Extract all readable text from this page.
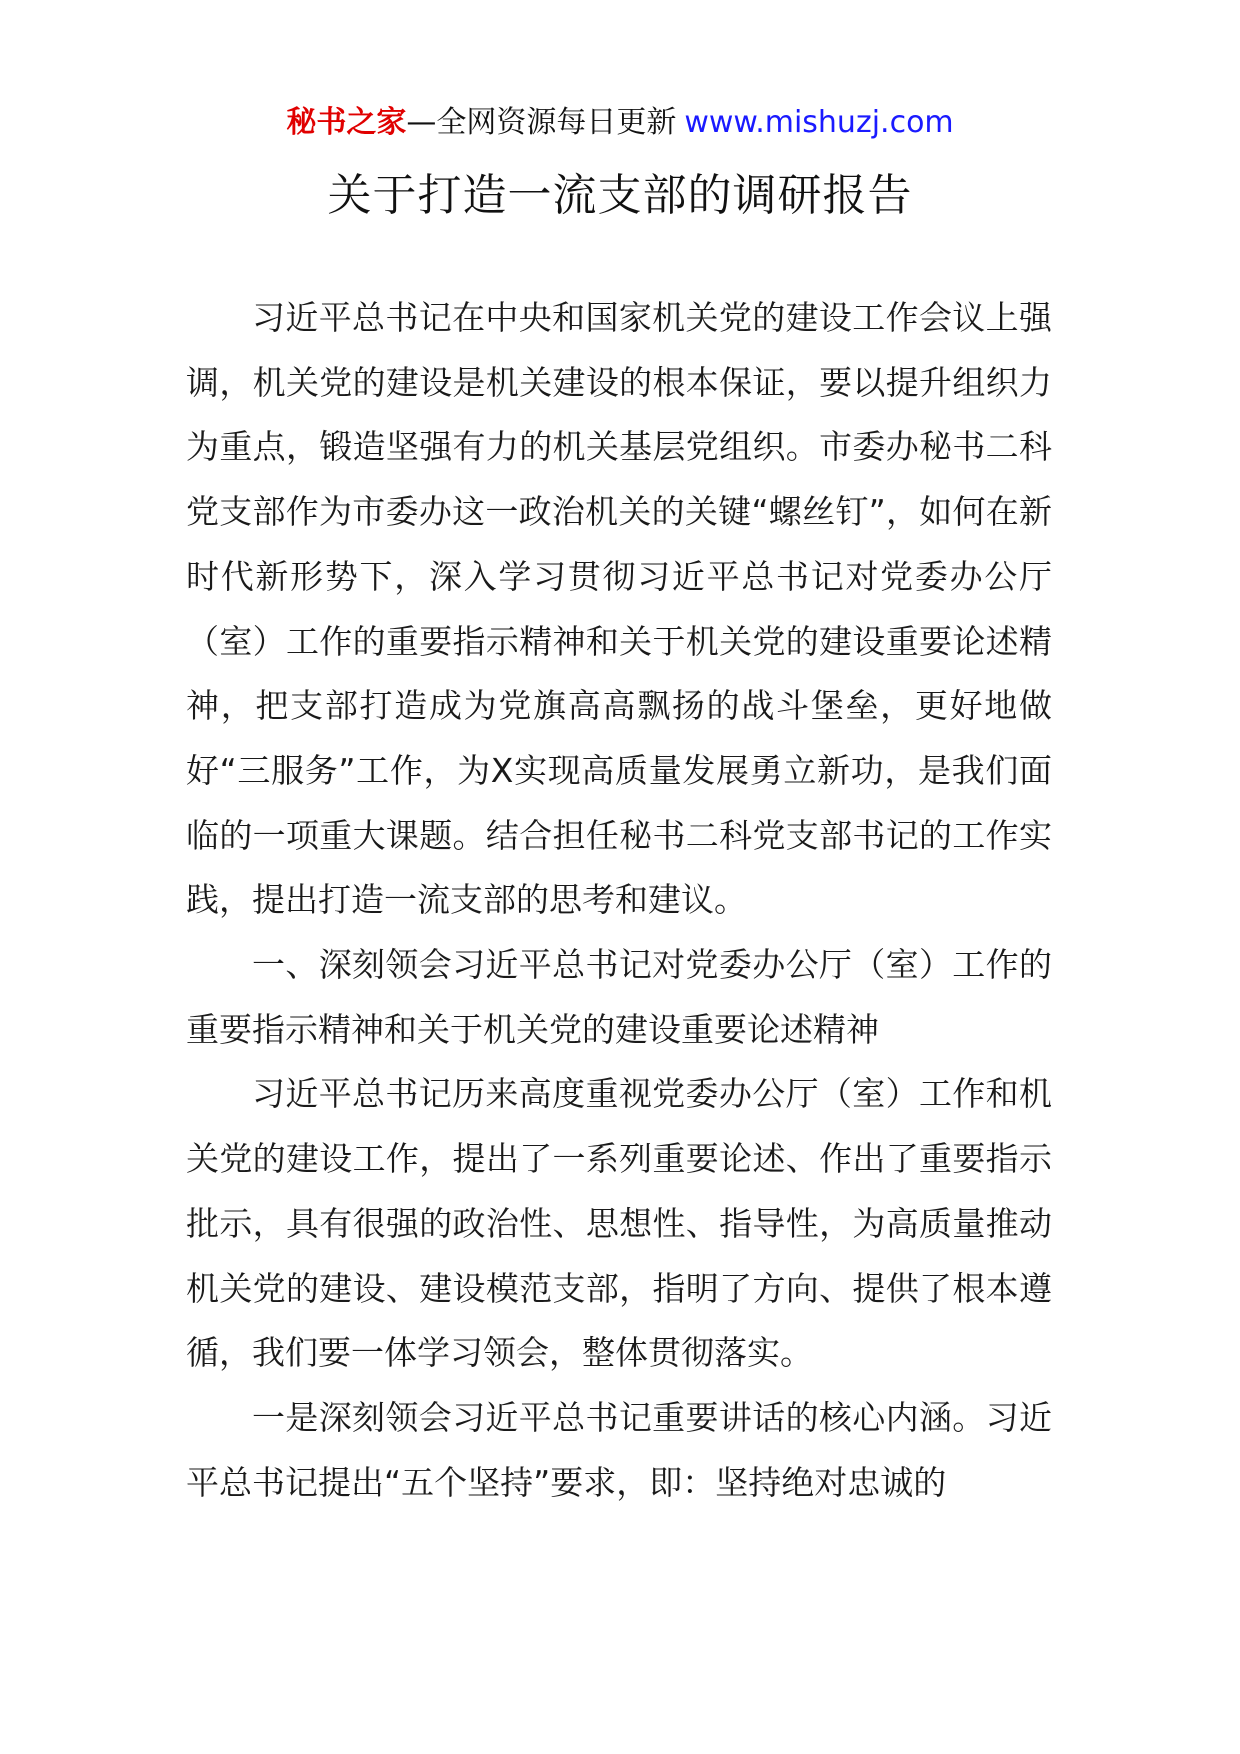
秘书之家—全网资源每日更新 www.mishuzj.com
关于打造一流支部的调研报告

习近平总书记在中央和国家机关党的建设工作会议上强调，机关党的建设是机关建设的根本保证，要以提升组织力为重点，锻造坚强有力的机关基层党组织。市委办秘书二科党支部作为市委办这一政治机关的关键“螺丝钉”，如何在新时代新形势下，深入学习贯彻习近平总书记对党委办公厅（室）工作的重要指示精神和关于机关党的建设重要论述精神，把支部打造成为党旗高高飘扬的战斗堡垒，更好地做好“三服务”工作，为X实现高质量发展勇立新功，是我们面临的一项重大课题。结合担任秘书二科党支部书记的工作实践，提出打造一流支部的思考和建议。

一、深刻领会习近平总书记对党委办公厅（室）工作的重要指示精神和关于机关党的建设重要论述精神

习近平总书记历来高度重视党委办公厅（室）工作和机关党的建设工作，提出了一系列重要论述、作出了重要指示批示，具有很强的政治性、思想性、指导性，为高质量推动机关党的建设、建设模范支部，指明了方向、提供了根本遵循，我们要一体学习领会，整体贯彻落实。

一是深刻领会习近平总书记重要讲话的核心内涵。习近平总书记提出“五个坚持”要求，即：坚持绝对忠诚的
